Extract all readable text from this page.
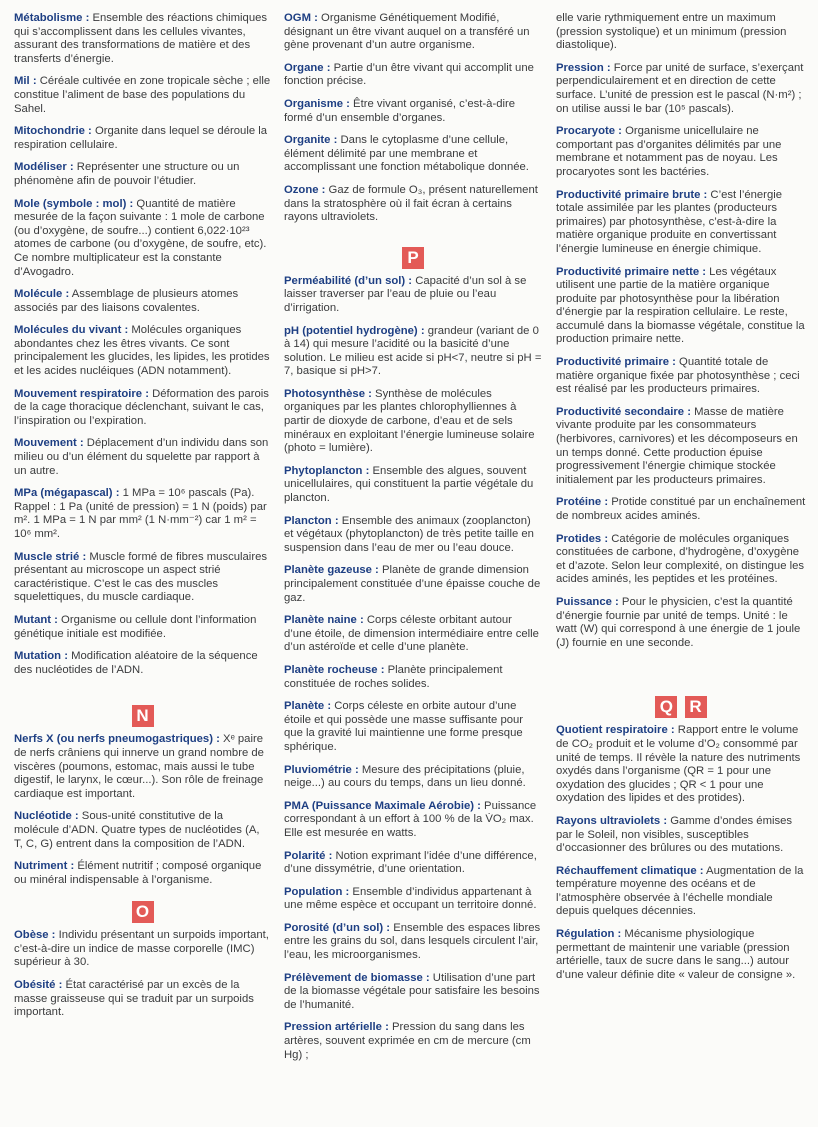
Métabolisme : Ensemble des réactions chimiques qui s’accomplissent dans les cellules vivantes, assurant des transformations de matière et des transferts d’énergie.
Mil : Céréale cultivée en zone tropicale sèche ; elle constitue l’aliment de base des populations du Sahel.
Mitochondrie : Organite dans lequel se déroule la respiration cellulaire.
Modéliser : Représenter une structure ou un phénomène afin de pouvoir l’étudier.
Mole (symbole : mol) : Quantité de matière mesurée de la façon suivante : 1 mole de carbone (ou d’oxygène, de soufre...) contient 6,022·10²³ atomes de carbone (ou d’oxygène, de soufre, etc). Ce nombre multiplicateur est la constante d’Avogadro.
Molécule : Assemblage de plusieurs atomes associés par des liaisons covalentes.
Molécules du vivant : Molécules organiques abondantes chez les êtres vivants. Ce sont principalement les glucides, les lipides, les protides et les acides nucléiques (ADN notamment).
Mouvement respiratoire : Déformation des parois de la cage thoracique déclenchant, suivant le cas, l’inspiration ou l’expiration.
Mouvement : Déplacement d’un individu dans son milieu ou d’un élément du squelette par rapport à un autre.
MPa (mégapascal) : 1 MPa = 10⁶ pascals (Pa). Rappel : 1 Pa (unité de pression) = 1 N (poids) par m². 1 MPa = 1 N par mm² (1 N·mm⁻²) car 1 m² = 10⁶ mm².
Muscle strié : Muscle formé de fibres musculaires présentant au microscope un aspect strié caractéristique. C’est le cas des muscles squelettiques, du muscle cardiaque.
Mutant : Organisme ou cellule dont l’information génétique initiale est modifiée.
Mutation : Modification aléatoire de la séquence des nucléotides de l’ADN.
N
Nerfs X (ou nerfs pneumogastriques) : Xᵉ paire de nerfs crâniens qui innerve un grand nombre de viscères (poumons, estomac, mais aussi le tube digestif, le larynx, le cœur...). Son rôle de freinage cardiaque est important.
Nucléotide : Sous-unité constitutive de la molécule d’ADN. Quatre types de nucléotides (A, T, C, G) entrent dans la composition de l’ADN.
Nutriment : Élément nutritif ; composé organique ou minéral indispensable à l’organisme.
O
Obèse : Individu présentant un surpoids important, c’est-à-dire un indice de masse corporelle (IMC) supérieur à 30.
Obésité : État caractérisé par un excès de la masse graisseuse qui se traduit par un surpoids important.
OGM : Organisme Génétiquement Modifié, désignant un être vivant auquel on a transféré un gène provenant d’un autre organisme.
Organe : Partie d’un être vivant qui accomplit une fonction précise.
Organisme : Être vivant organisé, c’est-à-dire formé d’un ensemble d’organes.
Organite : Dans le cytoplasme d’une cellule, élément délimité par une membrane et accomplissant une fonction métabolique donnée.
Ozone : Gaz de formule O₃, présent naturellement dans la stratosphère où il fait écran à certains rayons ultraviolets.
P
Perméabilité (d’un sol) : Capacité d’un sol à se laisser traverser par l’eau de pluie ou l’eau d’irrigation.
pH (potentiel hydrogène) : grandeur (variant de 0 à 14) qui mesure l’acidité ou la basicité d’une solution. Le milieu est acide si pH<7, neutre si pH = 7, basique si pH>7.
Photosynthèse : Synthèse de molécules organiques par les plantes chlorophylliennes à partir de dioxyde de carbone, d’eau et de sels minéraux en exploitant l’énergie lumineuse solaire (photo = lumière).
Phytoplancton : Ensemble des algues, souvent unicellulaires, qui constituent la partie végétale du plancton.
Plancton : Ensemble des animaux (zooplancton) et végétaux (phytoplancton) de très petite taille en suspension dans l’eau de mer ou l’eau douce.
Planète gazeuse : Planète de grande dimension principalement constituée d’une épaisse couche de gaz.
Planète naine : Corps céleste orbitant autour d’une étoile, de dimension intermédiaire entre celle d’un astéroïde et celle d’une planète.
Planète rocheuse : Planète principalement constituée de roches solides.
Planète : Corps céleste en orbite autour d’une étoile et qui possède une masse suffisante pour que la gravité lui maintienne une forme presque sphérique.
Pluviométrie : Mesure des précipitations (pluie, neige...) au cours du temps, dans un lieu donné.
PMA (Puissance Maximale Aérobie) : Puissance correspondant à un effort à 100 % de la V̇O₂ max. Elle est mesurée en watts.
Polarité : Notion exprimant l’idée d’une différence, d’une dissymétrie, d’une orientation.
Population : Ensemble d’individus appartenant à une même espèce et occupant un territoire donné.
Porosité (d’un sol) : Ensemble des espaces libres entre les grains du sol, dans lesquels circulent l’air, l’eau, les microorganismes.
Prélèvement de biomasse : Utilisation d’une part de la biomasse végétale pour satisfaire les besoins de l’humanité.
Pression artérielle : Pression du sang dans les artères, souvent exprimée en cm de mercure (cm Hg) ;
elle varie rythmiquement entre un maximum (pression systolique) et un minimum (pression diastolique).
Pression : Force par unité de surface, s’exerçant perpendiculairement et en direction de cette surface. L’unité de pression est le pascal (N·m²) ; on utilise aussi le bar (10⁵ pascals).
Procaryote : Organisme unicellulaire ne comportant pas d’organites délimités par une membrane et notamment pas de noyau. Les procaryotes sont les bactéries.
Productivité primaire brute : C’est l’énergie totale assimilée par les plantes (producteurs primaires) par photosynthèse, c’est-à-dire la matière organique produite en convertissant l’énergie lumineuse en énergie chimique.
Productivité primaire nette : Les végétaux utilisent une partie de la matière organique produite par photosynthèse pour la libération d’énergie par la respiration cellulaire. Le reste, accumulé dans la biomasse végétale, constitue la production primaire nette.
Productivité primaire : Quantité totale de matière organique fixée par photosynthèse ; ceci est réalisé par les producteurs primaires.
Productivité secondaire : Masse de matière vivante produite par les consommateurs (herbivores, carnivores) et les décomposeurs en un temps donné. Cette production épuise progressivement l’énergie chimique stockée initialement par les producteurs primaires.
Protéine : Protide constitué par un enchaînement de nombreux acides aminés.
Protides : Catégorie de molécules organiques constituées de carbone, d’hydrogène, d’oxygène et d’azote. Selon leur complexité, on distingue les acides aminés, les peptides et les protéines.
Puissance : Pour le physicien, c’est la quantité d’énergie fournie par unité de temps. Unité : le watt (W) qui correspond à une énergie de 1 joule (J) fournie en une seconde.
Q R
Quotient respiratoire : Rapport entre le volume de CO₂ produit et le volume d’O₂ consommé par unité de temps. Il révèle la nature des nutriments oxydés dans l’organisme (QR = 1 pour une oxydation des glucides ; QR < 1 pour une oxydation des lipides et des protides).
Rayons ultraviolets : Gamme d’ondes émises par le Soleil, non visibles, susceptibles d’occasionner des brûlures ou des mutations.
Réchauffement climatique : Augmentation de la température moyenne des océans et de l’atmosphère observée à l’échelle mondiale depuis quelques décennies.
Régulation : Mécanisme physiologique permettant de maintenir une variable (pression artérielle, taux de sucre dans le sang...) autour d’une valeur définie dite « valeur de consigne ».
